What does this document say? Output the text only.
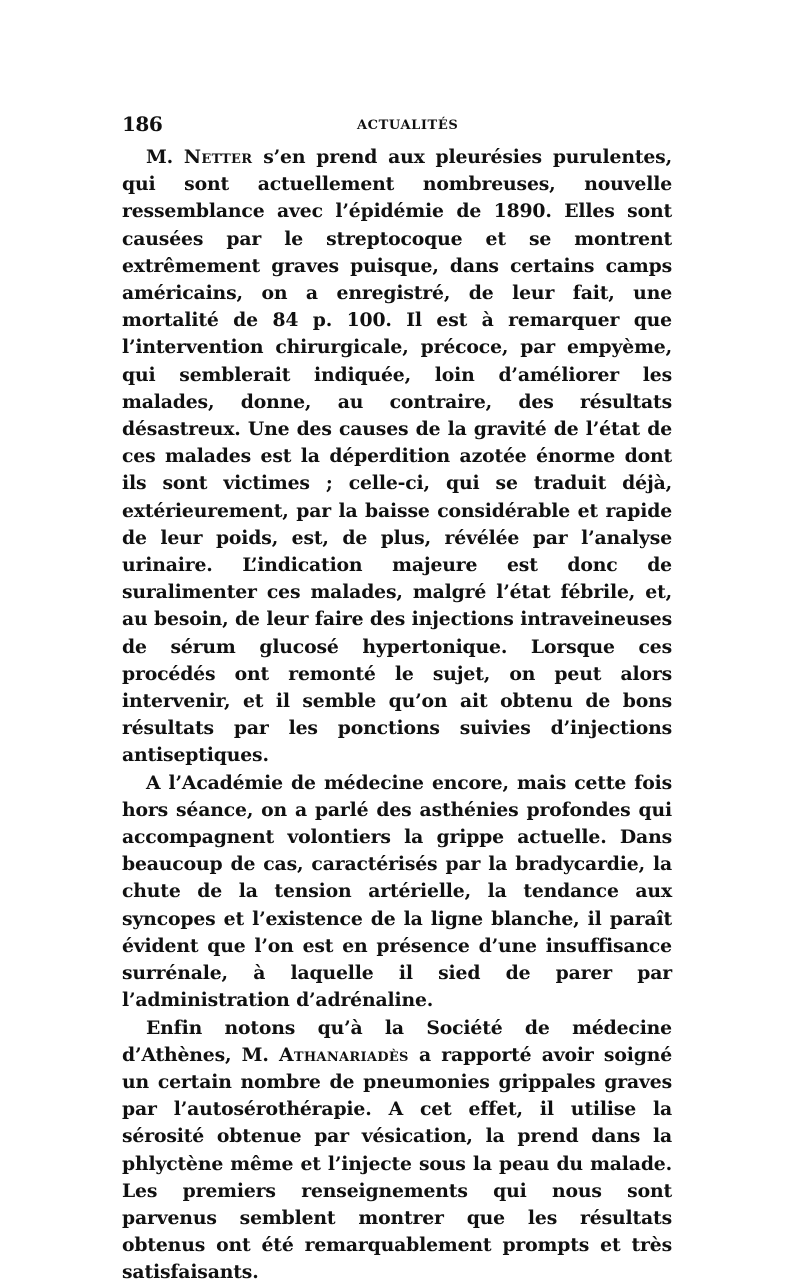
186	ACTUALITÉS

M. Netter s’en prend aux pleurésies purulentes, qui sont actuellement nombreuses, nouvelle ressemblance avec l’épidémie de 1890. Elles sont causées par le streptocoque et se montrent extrêmement graves puisque, dans certains camps américains, on a enregistré, de leur fait, une mortalité de 84 p. 100. Il est à remarquer que l’intervention chirurgicale, précoce, par empyème, qui semblerait indiquée, loin d’améliorer les malades, donne, au contraire, des résultats désastreux. Une des causes de la gravité de l’état de ces malades est la déperdition azotée énorme dont ils sont victimes ; celle-ci, qui se traduit déjà, extérieurement, par la baisse considérable et rapide de leur poids, est, de plus, révélée par l’analyse urinaire. L’indication majeure est donc de suralimenter ces malades, malgré l’état fébrile, et, au besoin, de leur faire des injections intraveineuses de sérum glucosé hypertonique. Lorsque ces procédés ont remonté le sujet, on peut alors intervenir, et il semble qu’on ait obtenu de bons résultats par les ponctions suivies d’injections antiseptiques.

A l’Académie de médecine encore, mais cette fois hors séance, on a parlé des asthénies profondes qui accompagnent volontiers la grippe actuelle. Dans beaucoup de cas, caractérisés par la bradycardie, la chute de la tension artérielle, la tendance aux syncopes et l’existence de la ligne blanche, il paraît évident que l’on est en présence d’une insuffisance surrénale, à laquelle il sied de parer par l’administration d’adrénaline.

Enfin notons qu’à la Société de médecine d’Athènes, M. Athanariadès a rapporté avoir soigné un certain nombre de pneumonies grippales graves par l’autosérothérapie. A cet effet, il utilise la sérosité obtenue par vésication, la prend dans la phlyctène même et l’injecte sous la peau du malade. Les premiers renseignements qui nous sont parvenus semblent montrer que les résultats obtenus ont été remarquablement prompts et très satisfaisants.
